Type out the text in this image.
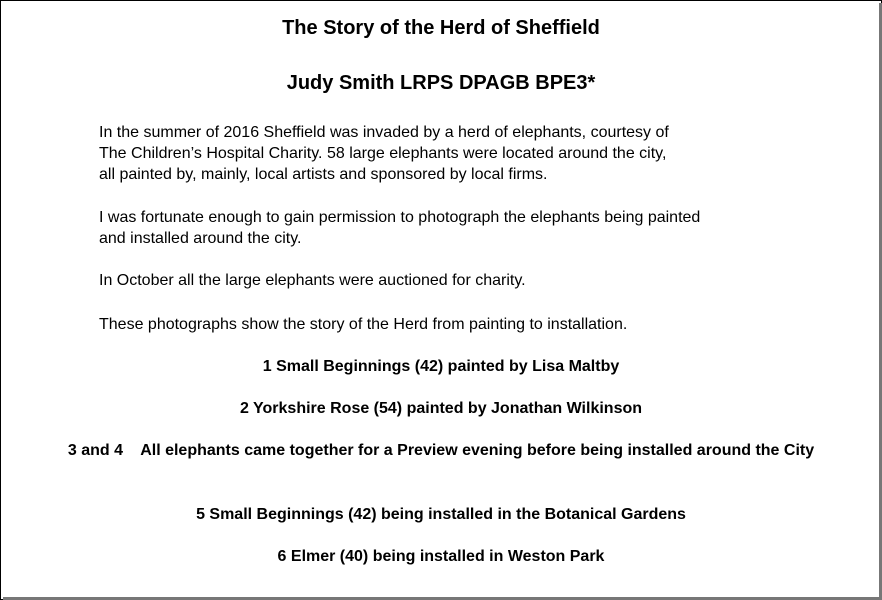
The Story of the Herd of Sheffield
Judy Smith LRPS DPAGB BPE3*
In the summer of 2016 Sheffield was invaded by a herd of elephants, courtesy of
The Children’s Hospital Charity. 58 large elephants were located around the city,
all painted by, mainly, local artists and sponsored by local firms.
I was fortunate enough to gain permission to photograph the elephants being painted
and installed around the city.
In October all the large elephants were auctioned for charity.
These photographs show the story of the Herd from painting to installation.
1 Small Beginnings (42) painted by Lisa Maltby
2 Yorkshire Rose (54) painted by Jonathan Wilkinson
3 and 4    All elephants came together for a Preview evening before being installed around the City
5 Small Beginnings (42) being installed in the Botanical Gardens
6 Elmer (40) being installed in Weston Park
